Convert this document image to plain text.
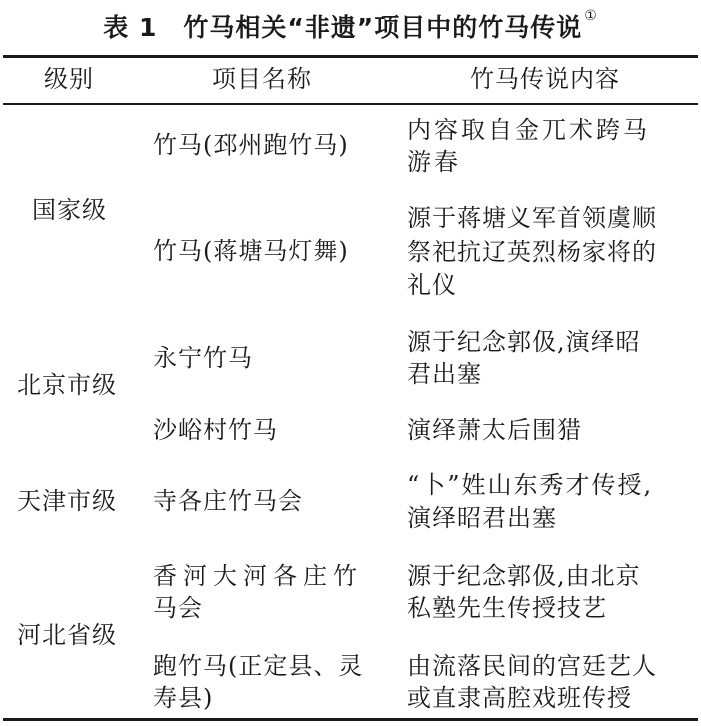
表 1　竹马相关“非遗”项目中的竹马传说 ①
级别	项目名称	竹马传说内容
国家级
北京市级
天津市级
河北省级
竹马(邳州跑竹马)
竹马(蒋塘马灯舞)
永宁竹马
沙峪村竹马
寺各庄竹马会
香河大河各庄竹
马会
跑竹马(正定县、灵
寿县)
内容取自金兀术跨马
游春
源于蒋塘义军首领虞顺
祭祀抗辽英烈杨家将的
礼仪
源于纪念郭伋,演绎昭
君出塞
演绎萧太后围猎
“卜”姓山东秀才传授,
演绎昭君出塞
源于纪念郭伋,由北京
私塾先生传授技艺
由流落民间的宫廷艺人
或直隶高腔戏班传授
